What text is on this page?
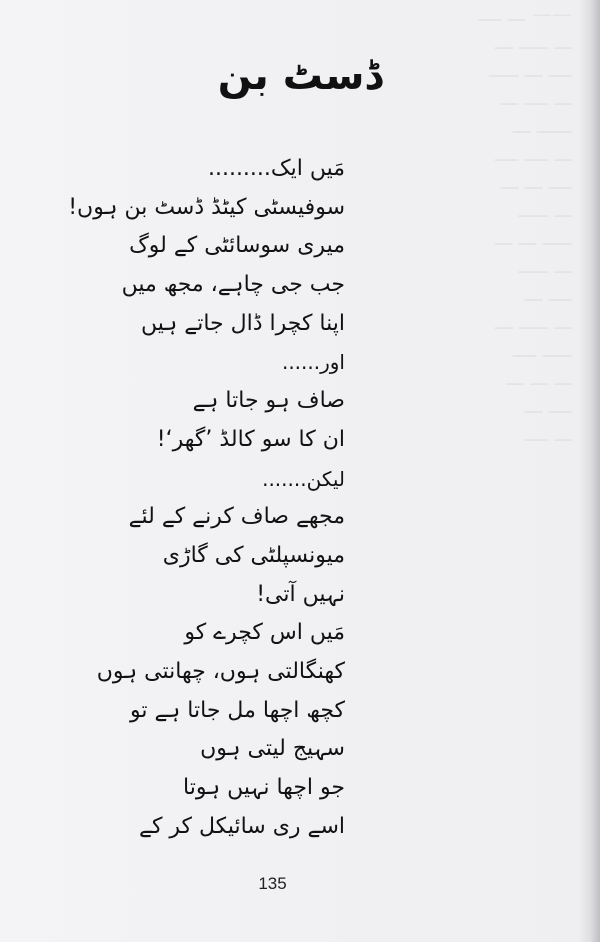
—— ـــ ــــ
ـــ ـــــ ـــ
ــــ ـــ ـــــ
ـــ ــــ ـــ
ــــــ ـــ
ـــ ــــ ــــ
ــــ ـــ ـــ
ـــ ـــــ
ـــــ ـــ ـــ
ـــ ـــــ
ــــ ـــ
ـــ ـــــ ـــ
ـــــ ــــ
ـــ ـــ ـــ
ــــ ـــ
ـــ ــــ
ڈسٹ بن
مَیں ایک.........
سوفیسٹی کیٹڈ ڈسٹ بن ہوں!
میری سوسائٹی کے لوگ
جب جی چاہے، مجھ میں
اپنا کچرا ڈال جاتے ہیں
اور......
صاف ہو جاتا ہے
ان کا سو کالڈ ’گھر‘!
لیکن.......
مجھے صاف کرنے کے لئے
میونسپلٹی کی گاڑی
نہیں آتی!
مَیں اس کچرے کو
کھنگالتی ہوں، چھانتی ہوں
کچھ اچھا مل جاتا ہے تو
سہیج لیتی ہوں
جو اچھا نہیں ہوتا
اسے ری سائیکل کر کے
135
